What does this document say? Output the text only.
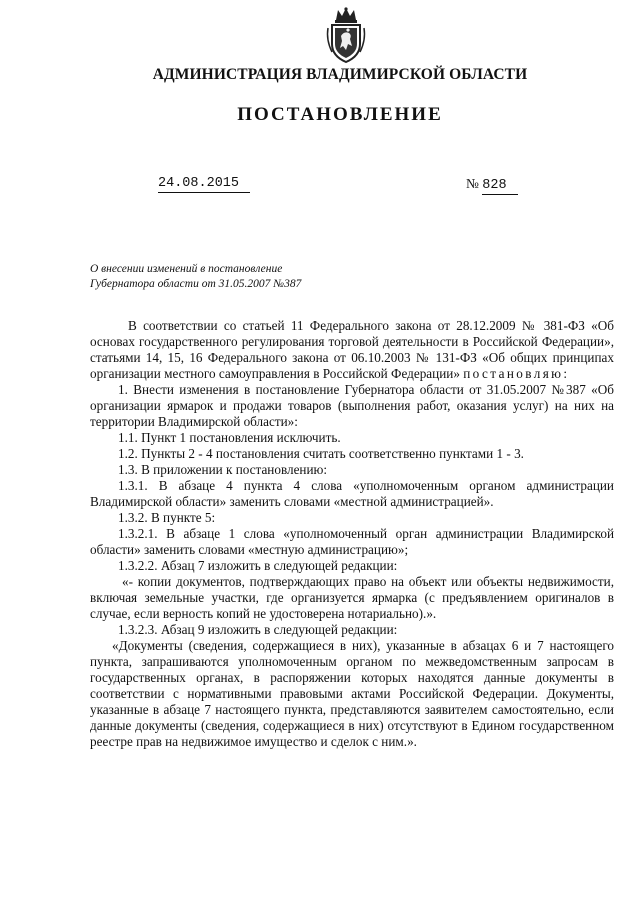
АДМИНИСТРАЦИЯ ВЛАДИМИРСКОЙ ОБЛАСТИ
ПОСТАНОВЛЕНИЕ
24.08.2015	№ 828
О внесении изменений в постановление
Губернатора области от 31.05.2007 №387

В соответствии со статьей 11 Федерального закона от 28.12.2009 № 381-ФЗ «Об основах государственного регулирования торговой деятельности в Российской Федерации», статьями 14, 15, 16 Федерального закона от 06.10.2003 № 131-ФЗ «Об общих принципах организации местного самоуправления в Российской Федерации» постановляю:

1. Внести изменения в постановление Губернатора области от 31.05.2007 №387 «Об организации ярмарок и продажи товаров (выполнения работ, оказания услуг) на них на территории Владимирской области»:

1.1. Пункт 1 постановления исключить.

1.2. Пункты 2 - 4 постановления считать соответственно пунктами 1 - 3.

1.3. В приложении к постановлению:

1.3.1. В абзаце 4 пункта 4 слова «уполномоченным органом администрации Владимирской области» заменить словами «местной администрацией».

1.3.2. В пункте 5:

1.3.2.1. В абзаце 1 слова «уполномоченный орган администрации Владимирской области» заменить словами «местную администрацию»;

1.3.2.2. Абзац 7 изложить в следующей редакции:

«- копии документов, подтверждающих право на объект или объекты недвижимости, включая земельные участки, где организуется ярмарка (с предъявлением оригиналов в случае, если верность копий не удостоверена нотариально).».

1.3.2.3. Абзац 9 изложить в следующей редакции:

«Документы (сведения, содержащиеся в них), указанные в абзацах 6 и 7 настоящего пункта, запрашиваются уполномоченным органом по межведомственным запросам в государственных органах, в распоряжении которых находятся данные документы в соответствии с нормативными правовыми актами Российской Федерации. Документы, указанные в абзаце 7 настоящего пункта, представляются заявителем самостоятельно, если данные документы (сведения, содержащиеся в них) отсутствуют в Едином государственном реестре прав на недвижимое имущество и сделок с ним.».
